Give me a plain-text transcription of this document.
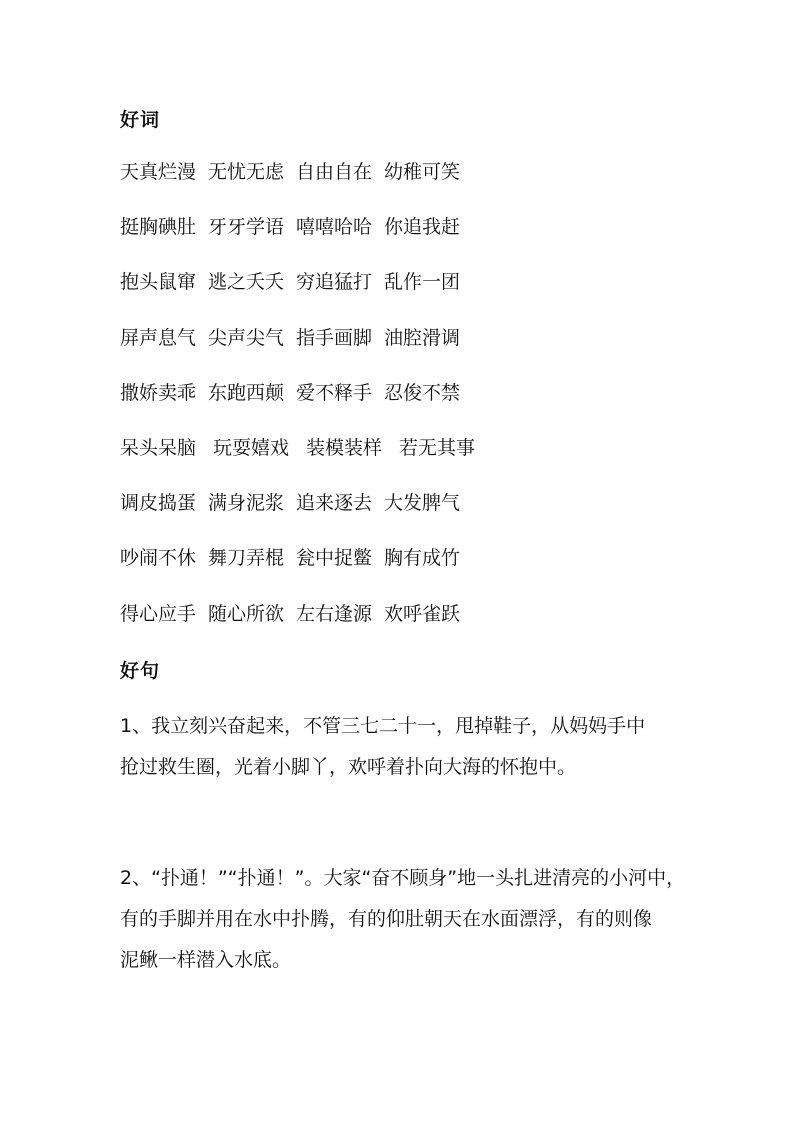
好词
天真烂漫 无忧无虑 自由自在 幼稚可笑
挺胸碘肚 牙牙学语 嘻嘻哈哈 你追我赶
抱头鼠窜 逃之夭夭 穷追猛打 乱作一团
屏声息气 尖声尖气 指手画脚 油腔滑调
撒娇卖乖 东跑西颠 爱不释手 忍俊不禁
呆头呆脑 玩耍嬉戏 装模装样 若无其事
调皮捣蛋 满身泥浆 追来逐去 大发脾气
吵闹不休 舞刀弄棍 瓮中捉鳖 胸有成竹
得心应手 随心所欲 左右逢源 欢呼雀跃
好句
1、我立刻兴奋起来，不管三七二十一，甩掉鞋子，从妈妈手中
抢过救生圈，光着小脚丫，欢呼着扑向大海的怀抱中。
2、“扑通！”“扑通！”。大家“奋不顾身”地一头扎进清亮的小河中，
有的手脚并用在水中扑腾，有的仰肚朝天在水面漂浮，有的则像
泥鳅一样潜入水底。
